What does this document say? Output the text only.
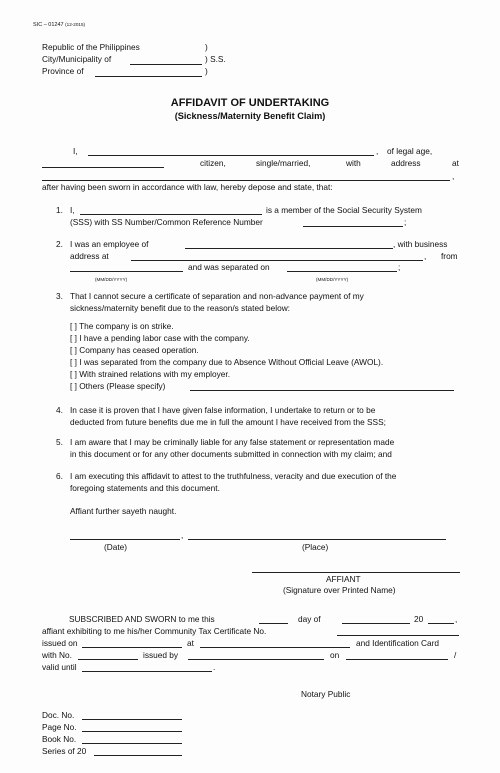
SIC – 01247 (12-2015)
Republic of the Philippines	)
City/Municipality of	) S.S.
Province of	)
AFFIDAVIT OF UNDERTAKING
(Sickness/Maternity Benefit Claim)
I,	, of legal age,
citizen,	single/married,	with	address	at
,
after having been sworn in accordance with law, hereby depose and state, that:
1. I,	is a member of the Social Security System
(SSS) with SS Number/Common Reference Number	;
2. I was an employee of	, with business
address at	, from
and was separated on	;
(MM/DD/YYYY)	(MM/DD/YYYY)
3. That I cannot secure a certificate of separation and non-advance payment of my
sickness/maternity benefit due to the reason/s stated below:
[ ] The company is on strike.
[ ] I have a pending labor case with the company.
[ ] Company has ceased operation.
[ ] I was separated from the company due to Absence Without Official Leave (AWOL).
[ ] With strained relations with my employer.
[ ] Others (Please specify)
4. In case it is proven that I have given false information, I undertake to return or to be
deducted from future benefits due me in full the amount I have received from the SSS;
5. I am aware that I may be criminally liable for any false statement or representation made
in this document or for any other documents submitted in connection with my claim; and
6. I am executing this affidavit to attest to the truthfulness, veracity and due execution of the
foregoing statements and this document.
Affiant further sayeth naught.
,
(Date)	(Place)
AFFIANT
(Signature over Printed Name)
SUBSCRIBED AND SWORN to me this	day of	20	,
affiant exhibiting to me his/her Community Tax Certificate No.
issued on	at	and Identification Card
with No.	issued by	on	/
valid until	.
Notary Public
Doc. No.
Page No.
Book No.
Series of 20
